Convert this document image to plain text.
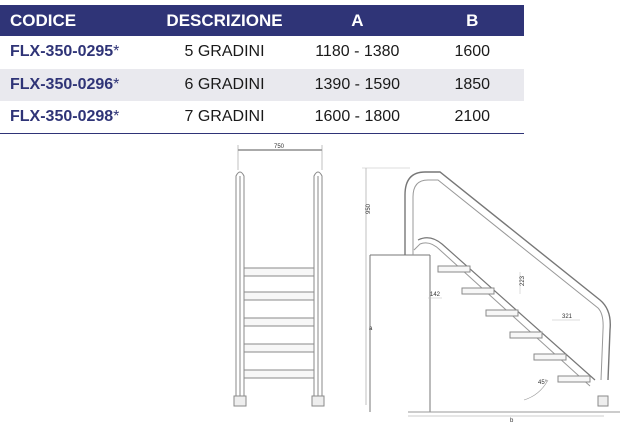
CODICE	DESCRIZIONE	A	B
FLX-350-0295*	5 GRADINI	1180 - 1380	1600
FLX-350-0296*	6 GRADINI	1390 - 1590	1850
FLX-350-0298*	7 GRADINI	1600 - 1800	2100
750
950
a
b
223
321
142
45°
